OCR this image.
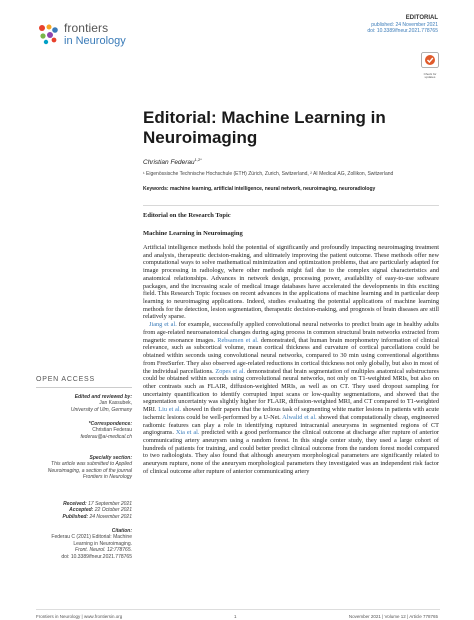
frontiers
in Neurology
EDITORIAL
published: 24 November 2021
doi: 10.3389/fneur.2021.778765
Check for updates
Editorial: Machine Learning in
Neuroimaging
Christian Federau$^{1,2*}$
¹ Eigenössische Technische Hochschule (ETH) Zürich, Zurich, Switzerland, ² AI Medical AG, Zollikon, Switzerland
Keywords: machine learning, artificial intelligence, neural network, neuroimaging, neuroradiology
Editorial on the Research Topic
Machine Learning in Neuroimaging

Artificial intelligence methods hold the potential of significantly and profoundly impacting neuroimaging treatment and analysis, therapeutic decision-making, and ultimately improving the patient outcome. These methods offer new computational ways to solve mathematical minimization and optimization problems, that are particularly adapted for image processing in radiology, where other methods might fail due to the complex signal characteristics and anatomical relationships. Advances in network design, processing power, availability of easy-to-use software packages, and the increasing scale of medical image databases have accelerated the developments in this exciting field. This Research Topic focuses on recent advances in the applications of machine learning and in particular deep learning to neuroimaging applications. Indeed, studies evaluating the potential applications of machine learning methods for the detection, lesion segmentation, therapeutic decision-making, and prognosis of brain diseases are still relatively sparse.

Jiang et al. for example, successfully applied convolutional neural networks to predict brain age in healthy adults from age-related neuroanatomical changes during aging process in common structural brain networks extracted from magnetic resonance images. Rebsamen et al. demonstrated, that human brain morphometry information of clinical relevance, such as subcortical volume, mean cortical thickness and curvature of cortical parcellations could be obtained within seconds using convolutional neural networks, compared to 30 min using conventional algorithms from FreeSurfer. They also observed age-related reductions in cortical thickness not only globally, but also in most of the individual parcellations. Zopes et al. demonstrated that brain segmentation of multiples anatomical substructures could be obtained within seconds using convolutional neural networks, not only on T1-weighted MRIs, but also on other contrasts such as FLAIR, diffusion-weighted MRIs, as well as on CT. They used dropout sampling for uncertainty quantification to identify corrupted input scans or low-quality segmentations, and showed that the segmentation uncertainty was slightly higher for FLAIR, diffusion-weighted MRI, and CT compared to T1-weighted MRI. Liu et al. showed in their papers that the tedious task of segmenting white matter lesions in patients with acute ischemic lesions could be well-performed by a U-Net. Alwalid et al. showed that computationally cheap, engineered radiomic features can play a role in identifying ruptured intracranial aneurysms in segmented regions of CT angiograms. Xia et al. predicted with a good performance the clinical outcome at discharge after rupture of anterior communicating artery aneurysm using a random forest. In this single center study, they used a large cohort of hundreds of patients for training, and could better predict clinical outcome from the random forest model compared to two radiologists. They also found that although aneurysm morphological parameters are significantly related to aneurysm rupture, none of the aneurysm morphological parameters they investigated was an independent risk factor of clinical outcome after rupture of anterior communicating artery

OPEN ACCESS
Edited and reviewed by:
Jan Kassubek,
University of Ulm, Germany
*Correspondence:
Christian Federau
federau@ai-medical.ch
Specialty section:
This article was submitted to Applied Neuroimaging, a section of the journal Frontiers in Neurology
Received: 17 September 2021
Accepted: 22 October 2021
Published: 24 November 2021
Citation:
Federau C (2021) Editorial: Machine Learning in Neuroimaging.
Front. Neurol. 12:778765.
doi: 10.3389/fneur.2021.778765
Frontiers in Neurology | www.frontiersin.org	1	November 2021 | Volume 12 | Article 778765
